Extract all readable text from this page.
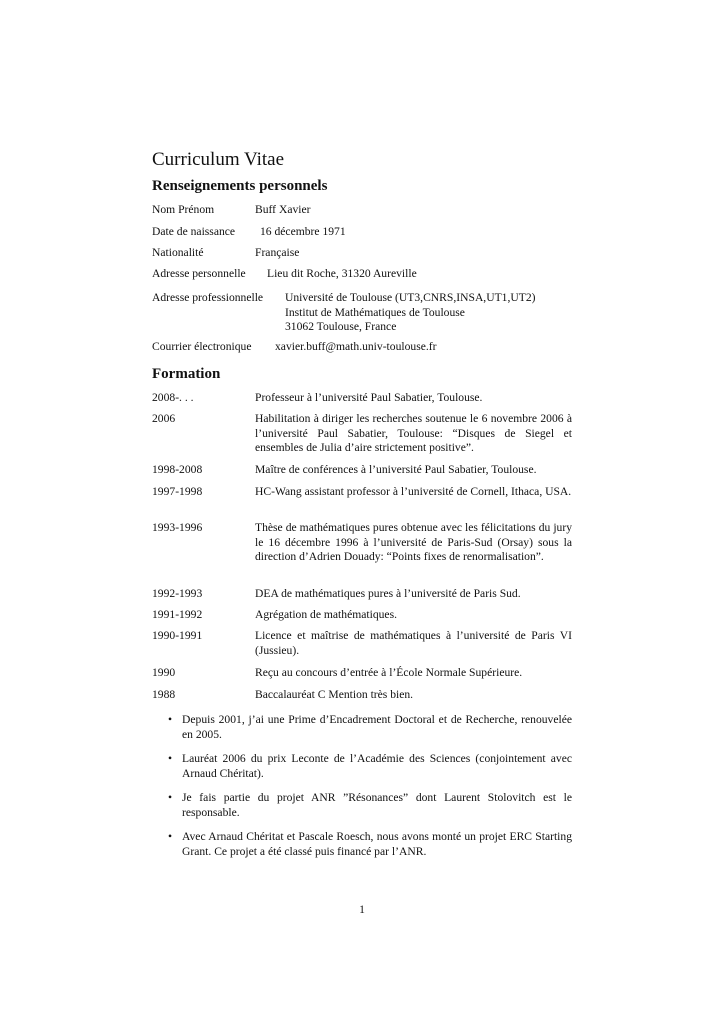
Curriculum Vitae
Renseignements personnels
Nom Prénom	Buff Xavier
Date de naissance 16 décembre 1971
Nationalité	Française
Adresse personnelle Lieu dit Roche, 31320 Aureville
Adresse professionnelle Université de Toulouse (UT3,CNRS,INSA,UT1,UT2)
Institut de Mathématiques de Toulouse
31062 Toulouse, France
Courrier électronique xavier.buff@math.univ-toulouse.fr
Formation
2008-. . .	Professeur à l’université Paul Sabatier, Toulouse.
2006	Habilitation à diriger les recherches soutenue le 6 novembre 2006 à l’université Paul Sabatier, Toulouse: “Disques de Siegel et ensembles de Julia d’aire strictement positive”.
1998-2008	Maître de conférences à l’université Paul Sabatier, Toulouse.
1997-1998	HC-Wang assistant professor à l’université de Cornell, Ithaca, USA.
1993-1996	Thèse de mathématiques pures obtenue avec les félicitations du jury le 16 décembre 1996 à l’université de Paris-Sud (Orsay) sous la direction d’Adrien Douady: “Points fixes de renormalisation”.
1992-1993	DEA de mathématiques pures à l’université de Paris Sud.
1991-1992	Agrégation de mathématiques.
1990-1991	Licence et maîtrise de mathématiques à l’université de Paris VI (Jussieu).
1990	Reçu au concours d’entrée à l’École Normale Supérieure.
1988	Baccalauréat C Mention très bien.
• Depuis 2001, j’ai une Prime d’Encadrement Doctoral et de Recherche, renouvelée en 2005.
• Lauréat 2006 du prix Leconte de l’Académie des Sciences (conjointement avec Arnaud Chéritat).
• Je fais partie du projet ANR ”Résonances” dont Laurent Stolovitch est le responsable.
• Avec Arnaud Chéritat et Pascale Roesch, nous avons monté un projet ERC Starting Grant. Ce projet a été classé puis financé par l’ANR.
1
